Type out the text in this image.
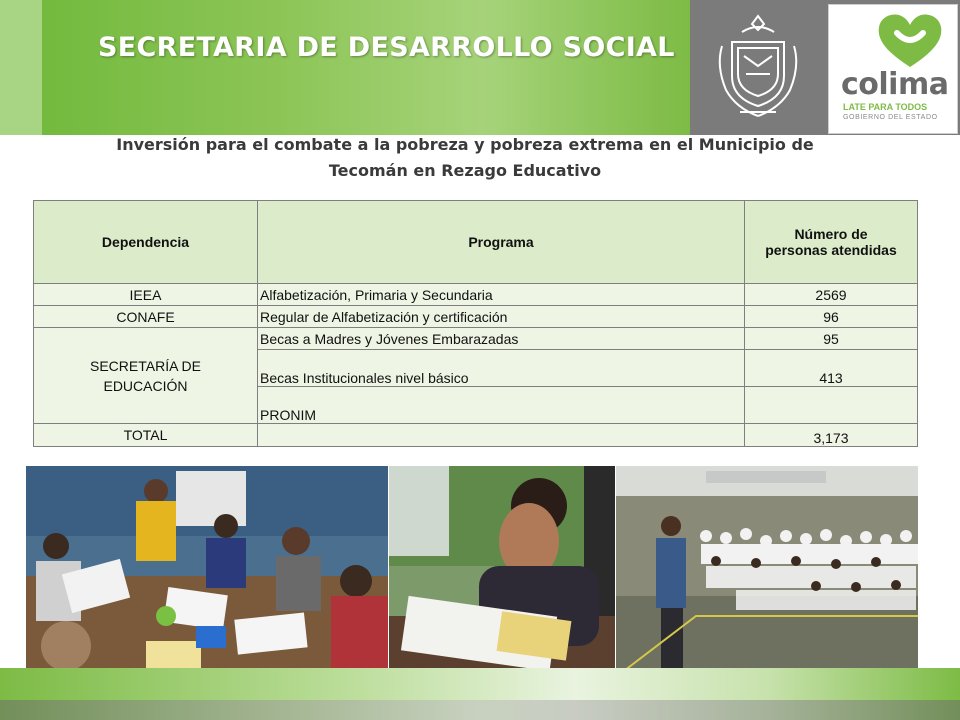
SECRETARIA DE DESARROLLO SOCIAL
colima
LATE PARA TODOS
GOBIERNO DEL ESTADO

Inversión para el combate a la pobreza y pobreza extrema en el Municipio de
Tecomán en Rezago Educativo

Dependencia	Programa	Número de
personas atendidas
IEEA	Alfabetización, Primaria y Secundaria	2569
CONAFE	Regular de Alfabetización y certificación	96
SECRETARÍA DE
EDUCACIÓN	Becas a Madres y Jóvenes Embarazadas	95
	Becas Institucionales nivel básico	413
	PRONIM	
TOTAL		3,173
